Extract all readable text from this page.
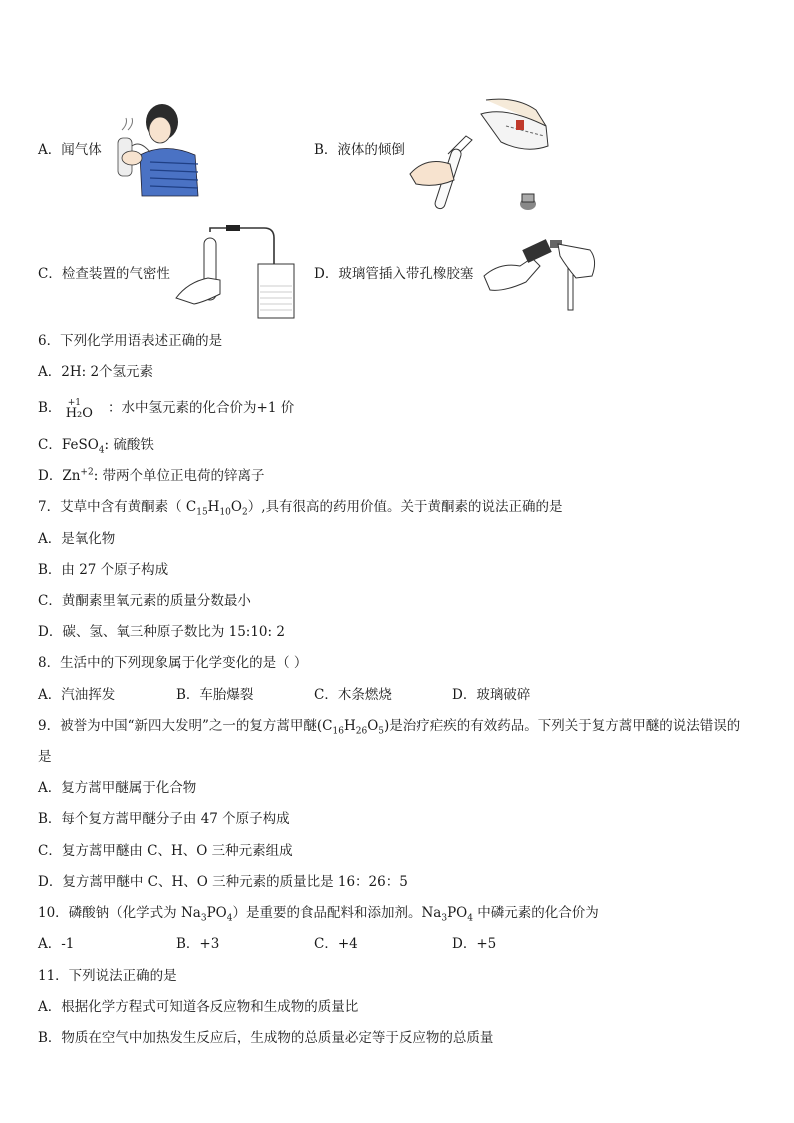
A．闻气体	B．液体的倾倒
C．检查装置的气密性	D．玻璃管插入带孔橡胶塞
6．下列化学用语表述正确的是
A．2H: 2个氢元素
B． +1
H₂O ：水中氢元素的化合价为+1 价
C．FeSO$_4$: 硫酸铁
D．$Zn^{+2}$: 带两个单位正电荷的锌离子
7．艾草中含有黄酮素（ $C_{15}H_{10}O_2$）,具有很高的药用价值。关于黄酮素的说法正确的是
A．是氧化物
B．由 27 个原子构成
C．黄酮素里氧元素的质量分数最小
D．碳、氢、氧三种原子数比为 15:10: 2
8．生活中的下列现象属于化学变化的是（ ）
A．汽油挥发	B．车胎爆裂	C．木条燃烧	D．玻璃破碎
9．被誉为中国“新四大发明”之一的复方蒿甲醚$(C_{16}H_{26}O_5)$是治疗疟疾的有效药品。下列关于复方蒿甲醚的说法错误的
是
A．复方蒿甲醚属于化合物
B．每个复方蒿甲醚分子由 47 个原子构成
C．复方蒿甲醚由 C、H、O 三种元素组成
D．复方蒿甲醚中 C、H、O 三种元素的质量比是 16：26：5
10．磷酸钠（化学式为 $Na_3PO_4$）是重要的食品配料和添加剂。$Na_3PO_4$ 中磷元素的化合价为
A．-1	B．+3	C．+4	D．+5
11．下列说法正确的是
A．根据化学方程式可知道各反应物和生成物的质量比
B．物质在空气中加热发生反应后，生成物的总质量必定等于反应物的总质量
